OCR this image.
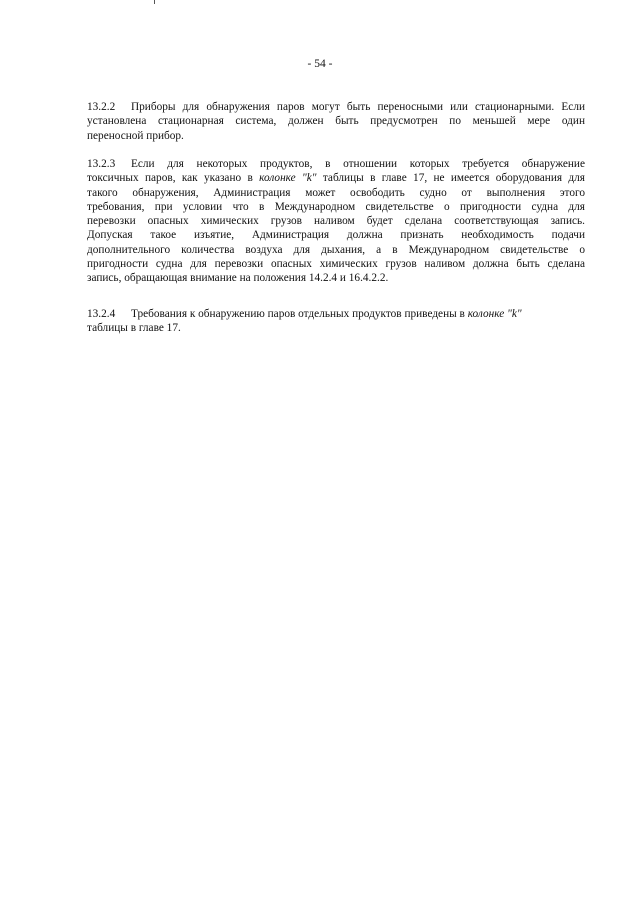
- 54 -
13.2.2 Приборы для обнаружения паров могут быть переносными или стационарными. Если
установлена стационарная система, должен быть предусмотрен по меньшей мере один
переносной прибор.
13.2.3 Если для некоторых продуктов, в отношении которых требуется обнаружение
токсичных паров, как указано в колонке "k" таблицы в главе 17, не имеется оборудования для
такого обнаружения, Администрация может освободить судно от выполнения этого
требования, при условии что в Международном свидетельстве о пригодности судна для
перевозки опасных химических грузов наливом будет сделана соответствующая запись.
Допуская такое изъятие, Администрация должна признать необходимость подачи
дополнительного количества воздуха для дыхания, а в Международном свидетельстве о
пригодности судна для перевозки опасных химических грузов наливом должна быть сделана
запись, обращающая внимание на положения 14.2.4 и 16.4.2.2.
13.2.4 Требования к обнаружению паров отдельных продуктов приведены в колонке "k"
таблицы в главе 17.
